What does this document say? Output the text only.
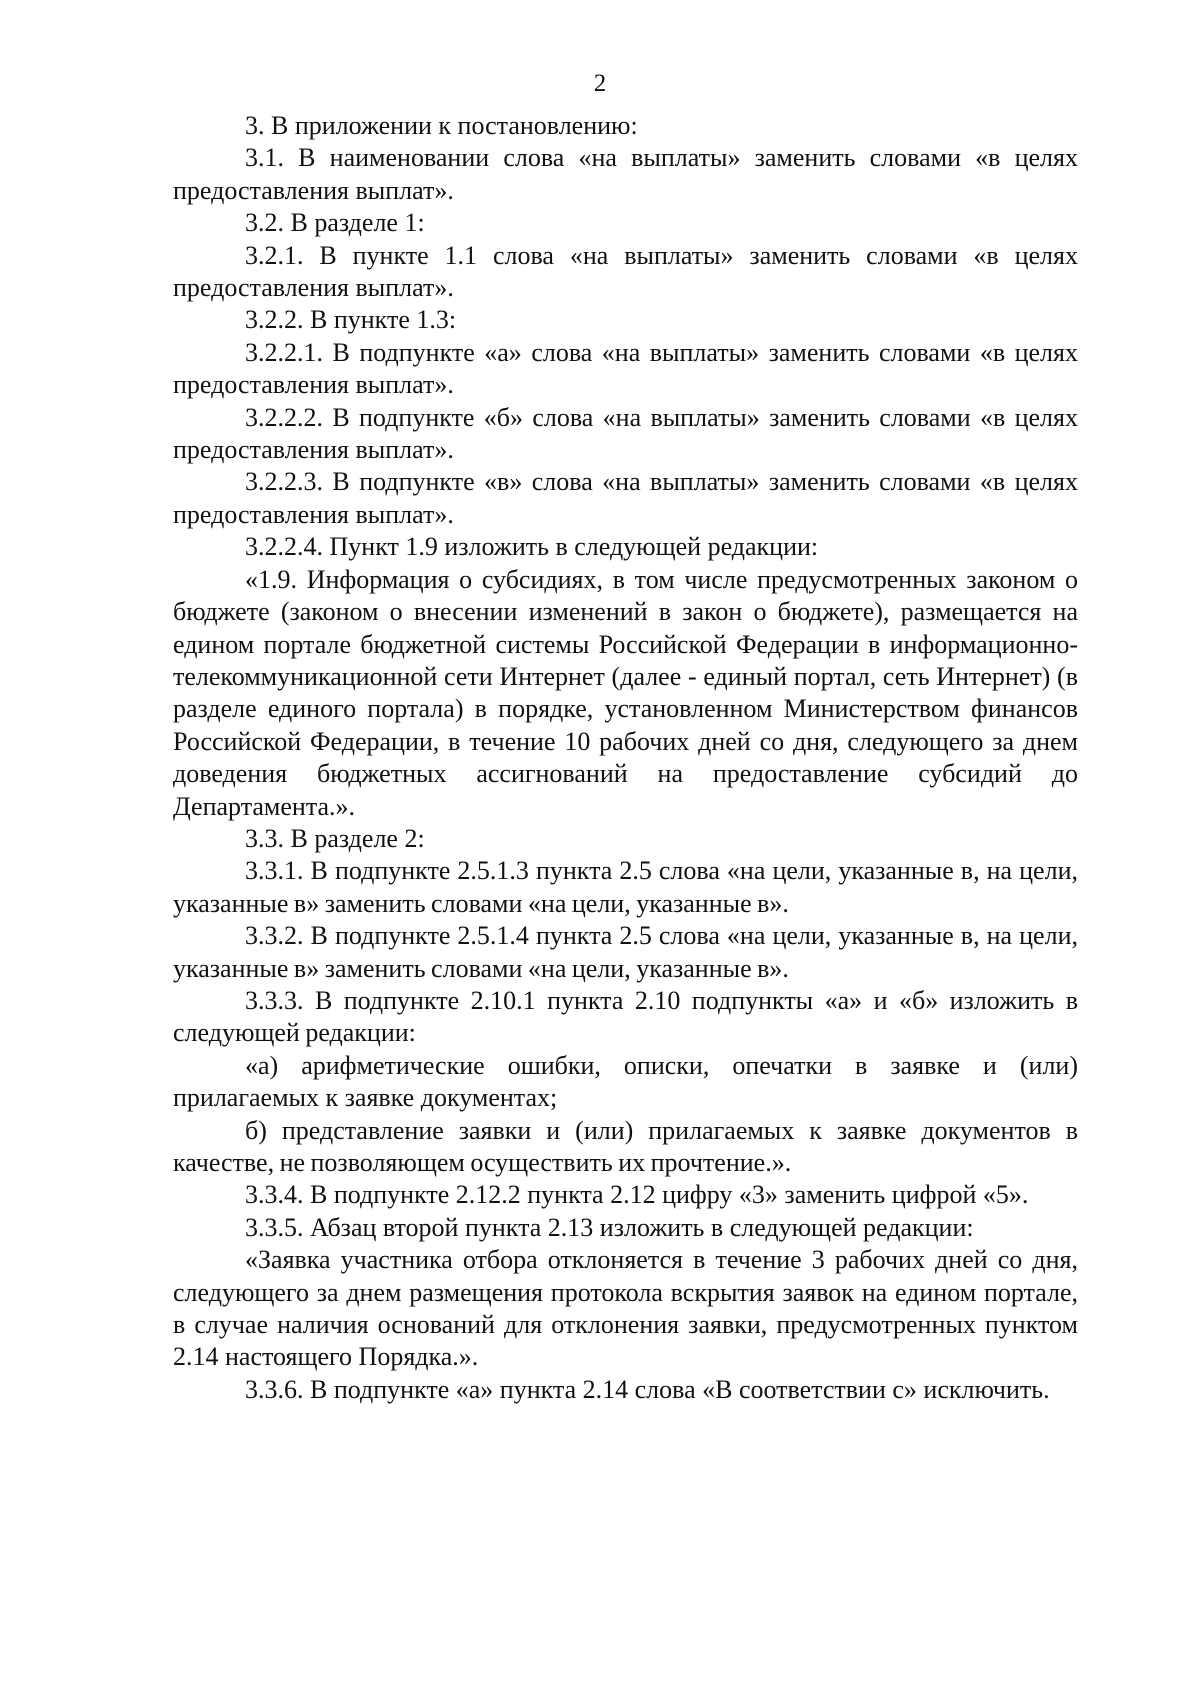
2

3. В приложении к постановлению:

3.1. В наименовании слова «на выплаты» заменить словами «в целях предоставления выплат».

3.2. В разделе 1:

3.2.1. В пункте 1.1 слова «на выплаты» заменить словами «в целях предоставления выплат».

3.2.2. В пункте 1.3:

3.2.2.1. В подпункте «а» слова «на выплаты» заменить словами «в целях предоставления выплат».

3.2.2.2. В подпункте «б» слова «на выплаты» заменить словами «в целях предоставления выплат».

3.2.2.3. В подпункте «в» слова «на выплаты» заменить словами «в целях предоставления выплат».

3.2.2.4. Пункт 1.9 изложить в следующей редакции:

«1.9. Информация о субсидиях, в том числе предусмотренных законом о бюджете (законом о внесении изменений в закон о бюджете), размещается на едином портале бюджетной системы Российской Федерации в информационно-телекоммуникационной сети Интернет (далее - единый портал, сеть Интернет) (в разделе единого портала) в порядке, установленном Министерством финансов Российской Федерации, в течение 10 рабочих дней со дня, следующего за днем доведения бюджетных ассигнований на предоставление субсидий до Департамента.».

3.3. В разделе 2:

3.3.1. В подпункте 2.5.1.3 пункта 2.5 слова «на цели, указанные в, на цели, указанные в» заменить словами «на цели, указанные в».

3.3.2. В подпункте 2.5.1.4 пункта 2.5 слова «на цели, указанные в, на цели, указанные в» заменить словами «на цели, указанные в».

3.3.3. В подпункте 2.10.1 пункта 2.10 подпункты «а» и «б» изложить в следующей редакции:

«а) арифметические ошибки, описки, опечатки в заявке и (или) прилагаемых к заявке документах;

б) представление заявки и (или) прилагаемых к заявке документов в качестве, не позволяющем осуществить их прочтение.».

3.3.4. В подпункте 2.12.2 пункта 2.12 цифру «3» заменить цифрой «5».

3.3.5. Абзац второй пункта 2.13 изложить в следующей редакции:

«Заявка участника отбора отклоняется в течение 3 рабочих дней со дня, следующего за днем размещения протокола вскрытия заявок на едином портале, в случае наличия оснований для отклонения заявки, предусмотренных пунктом 2.14 настоящего Порядка.».

3.3.6. В подпункте «а» пункта 2.14 слова «В соответствии с» исключить.
